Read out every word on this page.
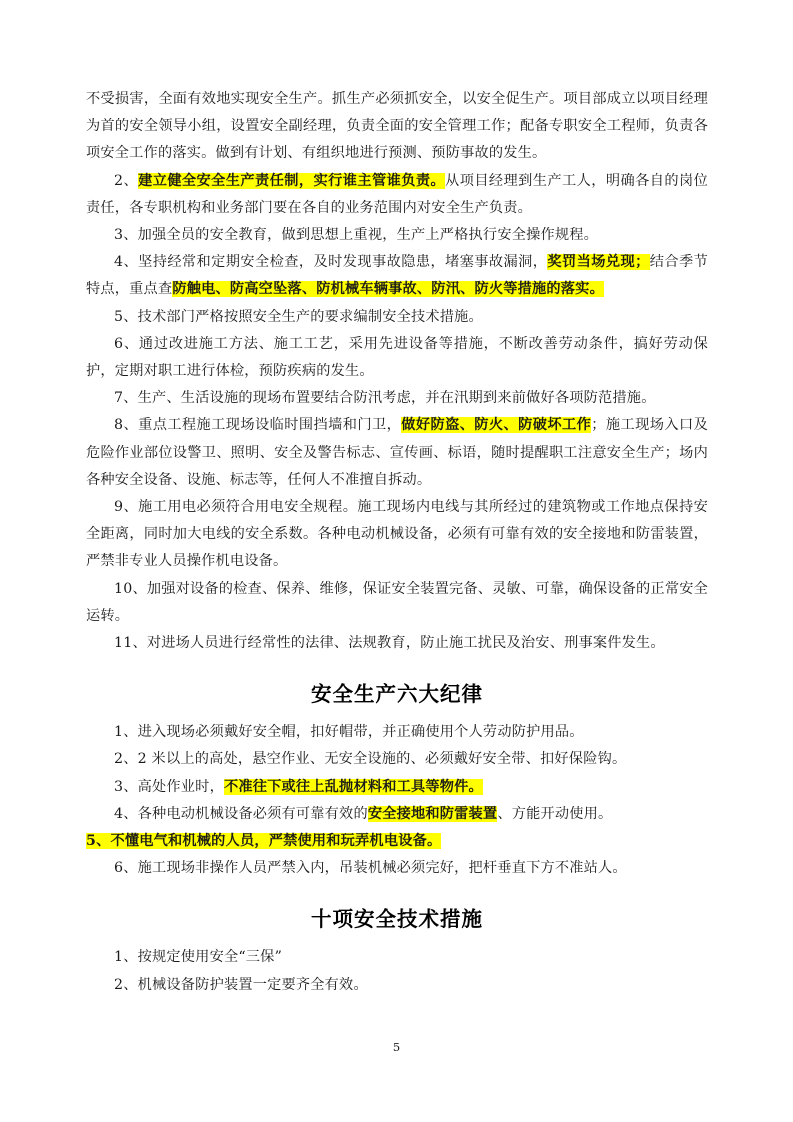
不受损害，全面有效地实现安全生产。抓生产必须抓安全，以安全促生产。项目部成立以项目经理为首的安全领导小组，设置安全副经理，负责全面的安全管理工作；配备专职安全工程师，负责各项安全工作的落实。做到有计划、有组织地进行预测、预防事故的发生。

2、建立健全安全生产责任制，实行谁主管谁负责。从项目经理到生产工人，明确各自的岗位责任，各专职机构和业务部门要在各自的业务范围内对安全生产负责。

3、加强全员的安全教育，做到思想上重视，生产上严格执行安全操作规程。

4、坚持经常和定期安全检查，及时发现事故隐患，堵塞事故漏洞，奖罚当场兑现；结合季节特点，重点查防触电、防高空坠落、防机械车辆事故、防汛、防火等措施的落实。

5、技术部门严格按照安全生产的要求编制安全技术措施。

6、通过改进施工方法、施工工艺，采用先进设备等措施，不断改善劳动条件，搞好劳动保护，定期对职工进行体检，预防疾病的发生。

7、生产、生活设施的现场布置要结合防汛考虑，并在汛期到来前做好各项防范措施。

8、重点工程施工现场设临时围挡墙和门卫，做好防盗、防火、防破坏工作；施工现场入口及危险作业部位设警卫、照明、安全及警告标志、宣传画、标语，随时提醒职工注意安全生产；场内各种安全设备、设施、标志等，任何人不准擅自拆动。

9、施工用电必须符合用电安全规程。施工现场内电线与其所经过的建筑物或工作地点保持安全距离，同时加大电线的安全系数。各种电动机械设备，必须有可靠有效的安全接地和防雷装置，严禁非专业人员操作机电设备。

10、加强对设备的检查、保养、维修，保证安全装置完备、灵敏、可靠，确保设备的正常安全运转。

11、对进场人员进行经常性的法律、法规教育，防止施工扰民及治安、刑事案件发生。

安全生产六大纪律

1、进入现场必须戴好安全帽，扣好帽带，并正确使用个人劳动防护用品。

2、2 米以上的高处，悬空作业、无安全设施的、必须戴好安全带、扣好保险钩。

3、高处作业时，不准往下或往上乱抛材料和工具等物件。

4、各种电动机械设备必须有可靠有效的安全接地和防雷装置、方能开动使用。

5、不懂电气和机械的人员，严禁使用和玩弄机电设备。

6、施工现场非操作人员严禁入内，吊装机械必须完好，把杆垂直下方不准站人。

十项安全技术措施

1、按规定使用安全“三保”

2、机械设备防护装置一定要齐全有效。

5
